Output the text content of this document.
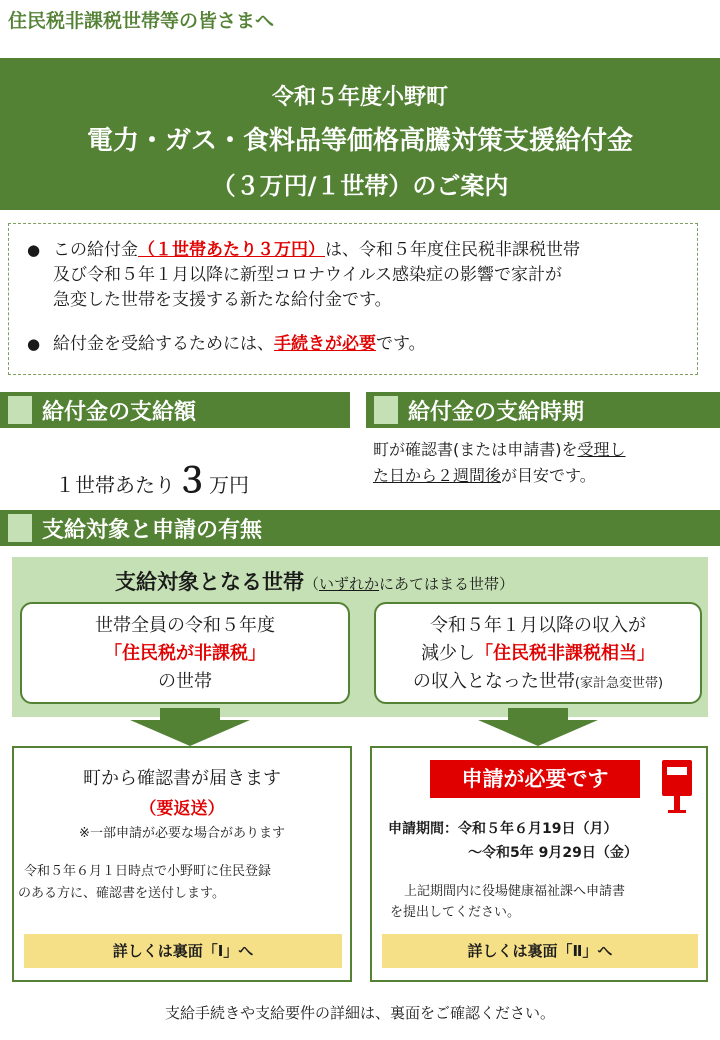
住民税非課税世帯等の皆さまへ
令和５年度小野町
電力・ガス・食料品等価格高騰対策支援給付金
（３万円/１世帯）のご案内
● この給付金（１世帯あたり３万円）は、令和５年度住民税非課税世帯
及び令和５年１月以降に新型コロナウイルス感染症の影響で家計が
急変した世帯を支援する新たな給付金です。
● 給付金を受給するためには、手続きが必要です。
給付金の支給額
１世帯あたり３万円
給付金の支給時期
町が確認書(または申請書)を受理し
た日から２週間後が目安です。
支給対象と申請の有無
支給対象となる世帯（いずれかにあてはまる世帯）
世帯全員の令和５年度
「住民税が非課税」
の世帯
令和５年１月以降の収入が
減少し「住民税非課税相当」
の収入となった世帯(家計急変世帯)
町から確認書が届きます
（要返送）
※一部申請が必要な場合があります
令和５年６月１日時点で小野町に住民登録
のある方に、確認書を送付します。
詳しくは裏面「Ⅰ」へ
申請が必要です
申請期間：令和５年６月19日（月）
～令和5年 9月29日（金）
上記期間内に役場健康福祉課へ申請書
を提出してください。
詳しくは裏面「Ⅱ」へ
支給手続きや支給要件の詳細は、裏面をご確認ください。
